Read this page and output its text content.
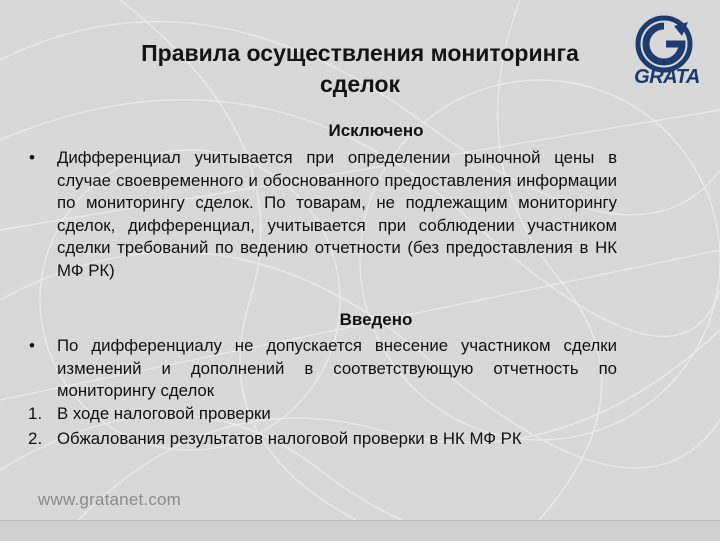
Правила осуществления мониторинга сделок	GRATA
Исключено
• Дифференциал учитывается при определении рыночной цены в случае своевременного и обоснованного предоставления информации по мониторингу сделок. По товарам, не подлежащим мониторингу сделок, дифференциал, учитывается при соблюдении участником сделки требований по ведению отчетности (без предоставления в НК МФ РК)
Введено
• По дифференциалу не допускается внесение участником сделки изменений и дополнений в соответствующую отчетность по мониторингу сделок
1. В ходе налоговой проверки
2. Обжалования результатов налоговой проверки в НК МФ РК
www.gratanet.com
